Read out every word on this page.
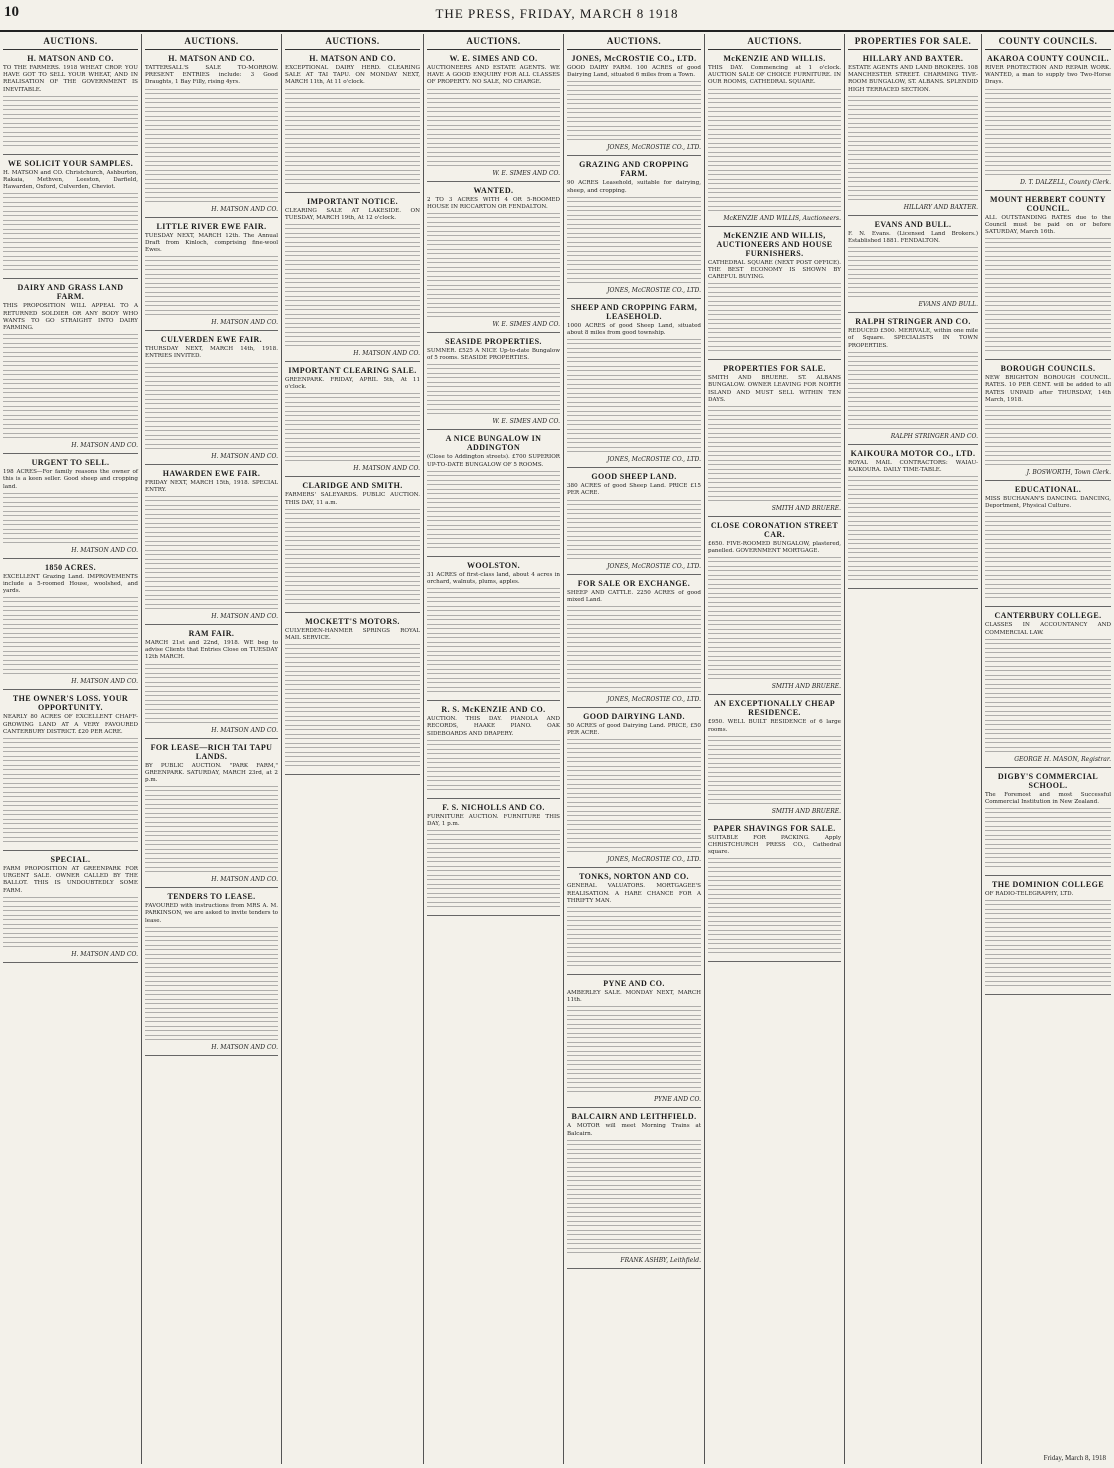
10	THE PRESS, FRIDAY, MARCH 8 1918
AUCTIONS.
H. MATSON AND CO.

TO THE FARMERS. 1918 WHEAT CROP. YOU HAVE GOT TO SELL YOUR WHEAT, AND IN REALISATION OF THE GOVERNMENT IS INEVITABLE.

WE SOLICIT YOUR SAMPLES.

H. MATSON and CO. Christchurch, Ashburton, Rakaia, Methven, Leeston, Darfield, Hawarden, Oxford, Culverden, Cheviot.

DAIRY AND GRASS LAND FARM.

THIS PROPOSITION WILL APPEAL TO A RETURNED SOLDIER OR ANY BODY WHO WANTS TO GO STRAIGHT INTO DAIRY FARMING.

H. MATSON AND CO.
URGENT TO SELL.

198 ACRES—For family reasons the owner of this is a keen seller. Good sheep and cropping land.

H. MATSON AND CO.
1850 ACRES.

EXCELLENT Grazing Land. IMPROVEMENTS include a 5-roomed House, woolshed, and yards.

H. MATSON AND CO.
THE OWNER'S LOSS. YOUR OPPORTUNITY.

NEARLY 80 ACRES OF EXCELLENT CHAFF-GROWING LAND AT A VERY FAVOURED CANTERBURY DISTRICT. £20 PER ACRE.

SPECIAL.

FARM PROPOSITION AT GREENPARK FOR URGENT SALE. OWNER CALLED BY THE BALLOT. THIS IS UNDOUBTEDLY SOME FARM.

H. MATSON AND CO.
AUCTIONS.
H. MATSON AND CO.

TATTERSALL'S SALE TO-MORROW. PRESENT ENTRIES include: 3 Good Draughts, 1 Bay Filly, rising 4yrs.

H. MATSON AND CO.
LITTLE RIVER EWE FAIR.

TUESDAY NEXT, MARCH 12th. The Annual Draft from Kinloch, comprising fine-wool Ewes.

H. MATSON AND CO.
CULVERDEN EWE FAIR.

THURSDAY NEXT, MARCH 14th, 1918. ENTRIES INVITED.

H. MATSON AND CO.
HAWARDEN EWE FAIR.

FRIDAY NEXT, MARCH 15th, 1918. SPECIAL ENTRY.

H. MATSON AND CO.
RAM FAIR.

MARCH 21st and 22nd, 1918. WE beg to advise Clients that Entries Close on TUESDAY 12th MARCH.

H. MATSON AND CO.
FOR LEASE—RICH TAI TAPU LANDS.

BY PUBLIC AUCTION. "PARK FARM," GREENPARK. SATURDAY, MARCH 23rd, at 2 p.m.

H. MATSON AND CO.
TENDERS TO LEASE.

FAVOURED with instructions from MRS A. M. PARKINSON, we are asked to invite tenders to lease.

H. MATSON AND CO.
AUCTIONS.
H. MATSON AND CO.

EXCEPTIONAL DAIRY HERD. CLEARING SALE AT TAI TAPU. ON MONDAY NEXT, MARCH 11th, At 11 o'clock.

IMPORTANT NOTICE.

CLEARING SALE AT LAKESIDE. ON TUESDAY, MARCH 19th, At 12 o'clock.

H. MATSON AND CO.
IMPORTANT CLEARING SALE.

GREENPARK. FRIDAY, APRIL 5th, At 11 o'clock.

H. MATSON AND CO.
CLARIDGE AND SMITH.

FARMERS' SALEYARDS. PUBLIC AUCTION. THIS DAY, 11 a.m.

MOCKETT'S MOTORS.

CULVERDEN-HANMER SPRINGS ROYAL MAIL SERVICE.

AUCTIONS.
W. E. SIMES AND CO.

AUCTIONEERS AND ESTATE AGENTS. WE HAVE A GOOD ENQUIRY FOR ALL CLASSES OF PROPERTY. NO SALE, NO CHARGE.

W. E. SIMES AND CO.
WANTED.

2 TO 3 ACRES WITH 4 OR 5-ROOMED HOUSE IN RICCARTON OR FENDALTON.

W. E. SIMES AND CO.
SEASIDE PROPERTIES.

SUMNER. £525 A NICE Up-to-date Bungalow of 5 rooms. SEASIDE PROPERTIES.

W. E. SIMES AND CO.
A NICE BUNGALOW IN ADDINGTON

(Close to Addington streets). £700 SUPERIOR UP-TO-DATE BUNGALOW OF 5 ROOMS.

WOOLSTON.

31 ACRES of first-class land, about 4 acres in orchard, walnuts, plums, apples.

R. S. McKENZIE AND CO.

AUCTION. THIS DAY. PIANOLA AND RECORDS, HAAKE PIANO. OAK SIDEBOARDS AND DRAPERY.

F. S. NICHOLLS AND CO.

FURNITURE AUCTION. FURNITURE THIS DAY, 1 p.m.

AUCTIONS.
JONES, McCROSTIE CO., LTD.

GOOD DAIRY FARM. 100 ACRES of good Dairying Land, situated 6 miles from a Town.

JONES, McCROSTIE CO., LTD.
GRAZING AND CROPPING FARM.

90 ACRES Leasehold, suitable for dairying, sheep, and cropping.

JONES, McCROSTIE CO., LTD.
SHEEP AND CROPPING FARM, LEASEHOLD.

1000 ACRES of good Sheep Land, situated about 8 miles from good township.

JONES, McCROSTIE CO., LTD.
GOOD SHEEP LAND.

380 ACRES of good Sheep Land. PRICE £15 PER ACRE.

JONES, McCROSTIE CO., LTD.
FOR SALE OR EXCHANGE.

SHEEP AND CATTLE. 2250 ACRES of good mixed Land.

JONES, McCROSTIE CO., LTD.
GOOD DAIRYING LAND.

50 ACRES of good Dairying Land. PRICE, £50 PER ACRE.

JONES, McCROSTIE CO., LTD.
TONKS, NORTON AND CO.

GENERAL VALUATORS. MORTGAGEE'S REALISATION. A HARE CHANCE FOR A THRIFTY MAN.

PYNE AND CO.

AMBERLEY SALE. MONDAY NEXT, MARCH 11th.

PYNE AND CO.
BALCAIRN AND LEITHFIELD.

A MOTOR will meet Morning Trains at Balcairn.

FRANK ASHBY, Leithfield.
AUCTIONS.
McKENZIE AND WILLIS.

THIS DAY. Commencing at 1 o'clock. AUCTION SALE OF CHOICE FURNITURE. IN OUR ROOMS, CATHEDRAL SQUARE.

McKENZIE AND WILLIS, Auctioneers.
McKENZIE AND WILLIS, AUCTIONEERS AND HOUSE FURNISHERS.

CATHEDRAL SQUARE (NEXT POST OFFICE). THE BEST ECONOMY IS SHOWN BY CAREFUL BUYING.

PROPERTIES FOR SALE.

SMITH AND BRUERE. ST. ALBANS BUNGALOW. OWNER LEAVING FOR NORTH ISLAND AND MUST SELL WITHIN TEN DAYS.

SMITH AND BRUERE.
CLOSE CORONATION STREET CAR.

£650. FIVE-ROOMED BUNGALOW, plastered, panelled. GOVERNMENT MORTGAGE.

SMITH AND BRUERE.
AN EXCEPTIONALLY CHEAP RESIDENCE.

£950. WELL BUILT RESIDENCE of 6 large rooms.

SMITH AND BRUERE.
PAPER SHAVINGS FOR SALE.

SUITABLE FOR PACKING. Apply CHRISTCHURCH PRESS CO., Cathedral square.

PROPERTIES FOR SALE.
HILLARY AND BAXTER.

ESTATE AGENTS AND LAND BROKERS. 108 MANCHESTER STREET. CHARMING TIVE-ROOM BUNGALOW, ST. ALBANS. SPLENDID HIGH TERRACED SECTION.

HILLARY AND BAXTER.
EVANS AND BULL.

F. N. Evans. (Licensed Land Brokers.) Established 1881. FENDALTON.

EVANS AND BULL.
RALPH STRINGER AND CO.

REDUCED £500. MERIVALE, within one mile of Square. SPECIALISTS IN TOWN PROPERTIES.

RALPH STRINGER AND CO.
KAIKOURA MOTOR CO., LTD.

ROYAL MAIL CONTRACTORS: WAIAU-KAIKOURA. DAILY TIME-TABLE.

COUNTY COUNCILS.
AKAROA COUNTY COUNCIL.

RIVER PROTECTION AND REPAIR WORK. WANTED, a man to supply two Two-Horse Drays.

D. T. DALZELL, County Clerk.
MOUNT HERBERT COUNTY COUNCIL.

ALL OUTSTANDING RATES due to the Council must be paid on or before SATURDAY, March 16th.

BOROUGH COUNCILS.

NEW BRIGHTON BOROUGH COUNCIL. RATES. 10 PER CENT. will be added to all RATES UNPAID after THURSDAY, 14th March, 1918.

J. BOSWORTH, Town Clerk.
EDUCATIONAL.

MISS BUCHANAN'S DANCING. DANCING, Deportment, Physical Culture.

CANTERBURY COLLEGE.

CLASSES IN ACCOUNTANCY AND COMMERCIAL LAW.

GEORGE H. MASON, Registrar.
DIGBY'S COMMERCIAL SCHOOL.

The Foremost and most Successful Commercial Institution in New Zealand.

THE DOMINION COLLEGE

OF RADIO-TELEGRAPHY, LTD.

Friday, March 8, 1918
